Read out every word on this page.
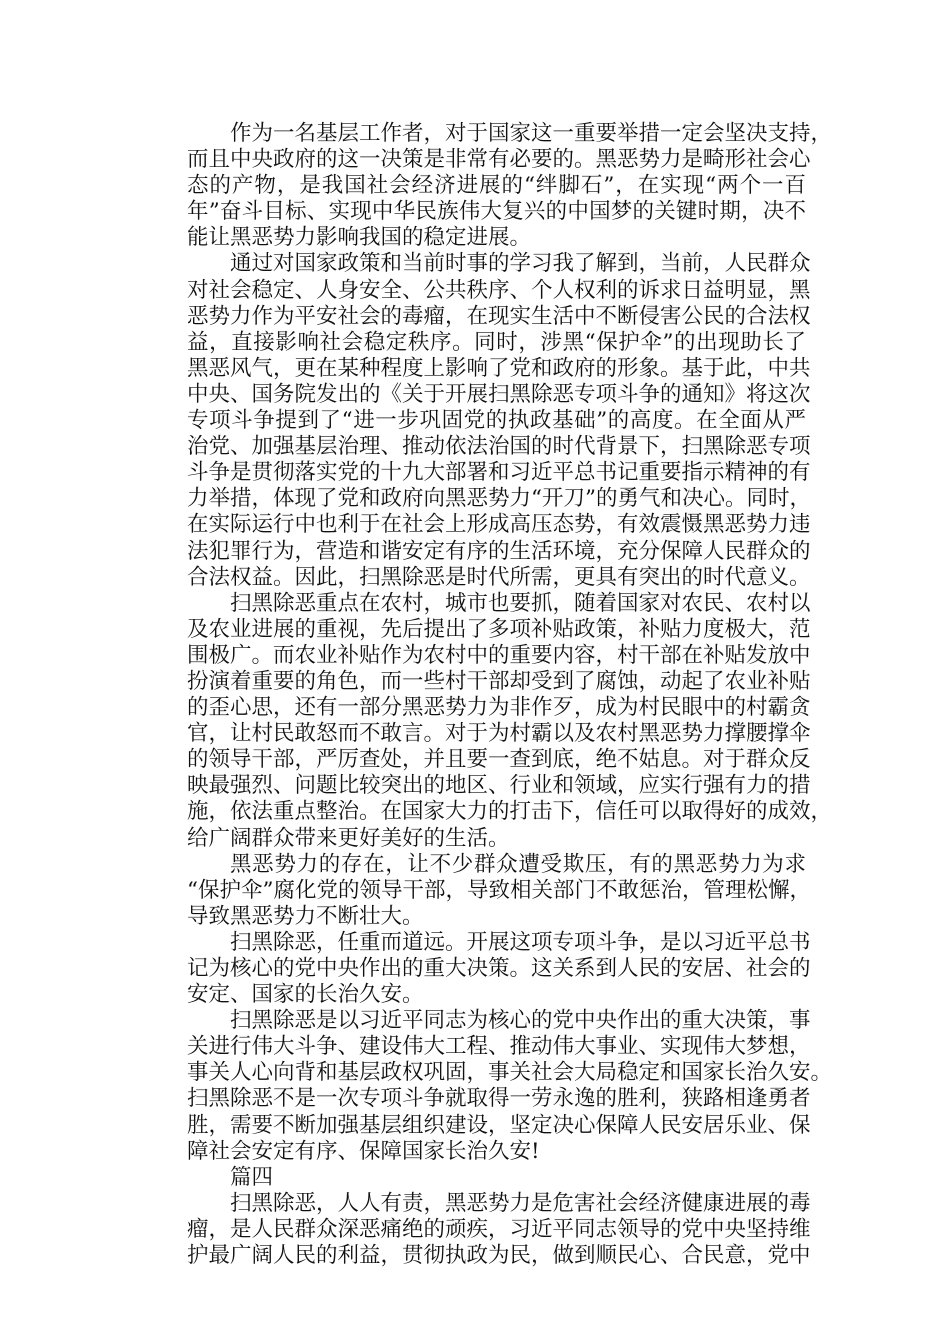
作为一名基层工作者，对于国家这一重要举措一定会坚决支持，
而且中央政府的这一决策是非常有必要的。黑恶势力是畸形社会心
态的产物，是我国社会经济进展的“绊脚石”，在实现“两个一百
年”奋斗目标、实现中华民族伟大复兴的中国梦的关键时期，决不
能让黑恶势力影响我国的稳定进展。
通过对国家政策和当前时事的学习我了解到，当前，人民群众
对社会稳定、人身安全、公共秩序、个人权利的诉求日益明显，黑
恶势力作为平安社会的毒瘤，在现实生活中不断侵害公民的合法权
益，直接影响社会稳定秩序。同时，涉黑“保护伞”的出现助长了
黑恶风气，更在某种程度上影响了党和政府的形象。基于此，中共
中央、国务院发出的《关于开展扫黑除恶专项斗争的通知》将这次
专项斗争提到了“进一步巩固党的执政基础”的高度。在全面从严
治党、加强基层治理、推动依法治国的时代背景下，扫黑除恶专项
斗争是贯彻落实党的十九大部署和习近平总书记重要指示精神的有
力举措，体现了党和政府向黑恶势力“开刀”的勇气和决心。同时，
在实际运行中也利于在社会上形成高压态势，有效震慑黑恶势力违
法犯罪行为，营造和谐安定有序的生活环境，充分保障人民群众的
合法权益。因此，扫黑除恶是时代所需，更具有突出的时代意义。
扫黑除恶重点在农村，城市也要抓，随着国家对农民、农村以
及农业进展的重视，先后提出了多项补贴政策，补贴力度极大，范
围极广。而农业补贴作为农村中的重要内容，村干部在补贴发放中
扮演着重要的角色，而一些村干部却受到了腐蚀，动起了农业补贴
的歪心思，还有一部分黑恶势力为非作歹，成为村民眼中的村霸贪
官，让村民敢怒而不敢言。对于为村霸以及农村黑恶势力撑腰撑伞
的领导干部，严厉查处，并且要一查到底，绝不姑息。对于群众反
映最强烈、问题比较突出的地区、行业和领域，应实行强有力的措
施，依法重点整治。在国家大力的打击下，信任可以取得好的成效，
给广阔群众带来更好美好的生活。
黑恶势力的存在，让不少群众遭受欺压，有的黑恶势力为求
“保护伞”腐化党的领导干部，导致相关部门不敢惩治，管理松懈，
导致黑恶势力不断壮大。
扫黑除恶，任重而道远。开展这项专项斗争，是以习近平总书
记为核心的党中央作出的重大决策。这关系到人民的安居、社会的
安定、国家的长治久安。
扫黑除恶是以习近平同志为核心的党中央作出的重大决策，事
关进行伟大斗争、建设伟大工程、推动伟大事业、实现伟大梦想，
事关人心向背和基层政权巩固，事关社会大局稳定和国家长治久安。
扫黑除恶不是一次专项斗争就取得一劳永逸的胜利，狭路相逢勇者
胜，需要不断加强基层组织建设，坚定决心保障人民安居乐业、保
障社会安定有序、保障国家长治久安!
篇四
扫黑除恶，人人有责，黑恶势力是危害社会经济健康进展的毒
瘤，是人民群众深恶痛绝的顽疾，习近平同志领导的党中央坚持维
护最广阔人民的利益，贯彻执政为民，做到顺民心、合民意，党中
